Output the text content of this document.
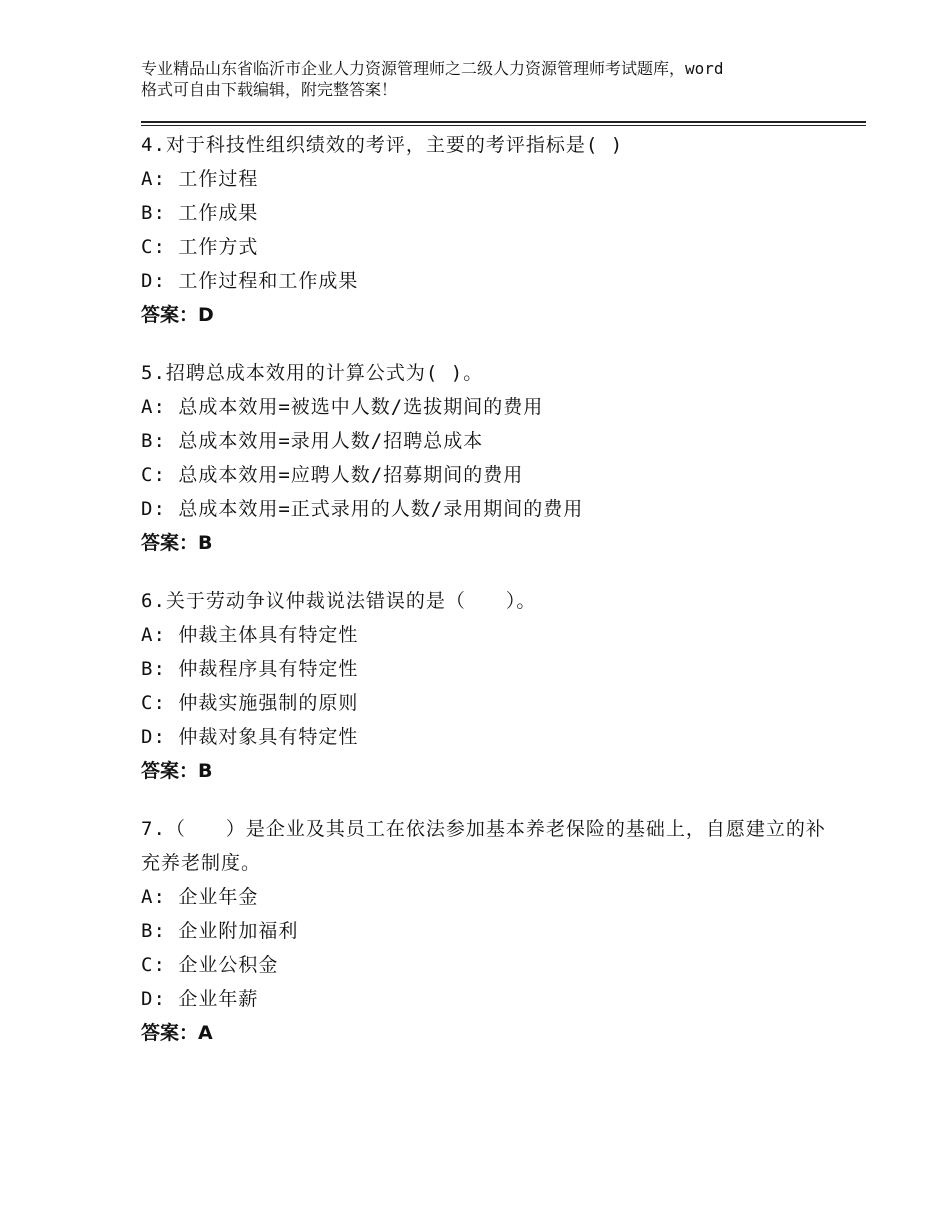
专业精品山东省临沂市企业人力资源管理师之二级人力资源管理师考试题库，word
格式可自由下载编辑，附完整答案！
4.对于科技性组织绩效的考评，主要的考评指标是( )
A: 工作过程
B: 工作成果
C: 工作方式
D: 工作过程和工作成果
答案：D
5.招聘总成本效用的计算公式为( )。
A: 总成本效用=被选中人数/选拔期间的费用
B: 总成本效用=录用人数/招聘总成本
C: 总成本效用=应聘人数/招募期间的费用
D: 总成本效用=正式录用的人数/录用期间的费用
答案：B
6.关于劳动争议仲裁说法错误的是（　　）。
A: 仲裁主体具有特定性
B: 仲裁程序具有特定性
C: 仲裁实施强制的原则
D: 仲裁对象具有特定性
答案：B
7.（　　）是企业及其员工在依法参加基本养老保险的基础上，自愿建立的补充养老制度。
A: 企业年金
B: 企业附加福利
C: 企业公积金
D: 企业年薪
答案：A
